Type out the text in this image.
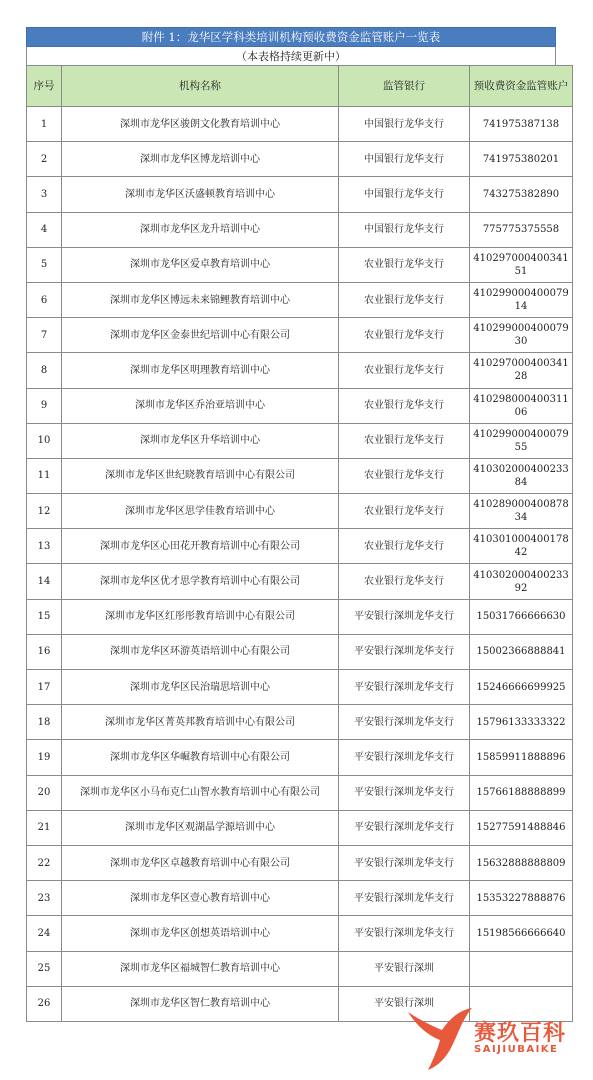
附件 1：龙华区学科类培训机构预收费资金监管账户一览表
（本表格持续更新中）
序号	机构名称	监管银行	预收费资金监管账户
1	深圳市龙华区骏朗文化教育培训中心	中国银行龙华支行	741975387138
2	深圳市龙华区博龙培训中心	中国银行龙华支行	741975380201
3	深圳市龙华区沃盛顿教育培训中心	中国银行龙华支行	743275382890
4	深圳市龙华区龙升培训中心	中国银行龙华支行	775775375558
5	深圳市龙华区爱卓教育培训中心	农业银行龙华支行	41029700040034151
6	深圳市龙华区博远未来锦鲤教育培训中心	农业银行龙华支行	41029900040007914
7	深圳市龙华区金泰世纪培训中心有限公司	农业银行龙华支行	41029900040007930
8	深圳市龙华区明理教育培训中心	农业银行龙华支行	41029700040034128
9	深圳市龙华区乔治亚培训中心	农业银行龙华支行	41029800040031106
10	深圳市龙华区升华培训中心	农业银行龙华支行	41029900040007955
11	深圳市龙华区世纪晓教育培训中心有限公司	农业银行龙华支行	41030200040023384
12	深圳市龙华区思学佳教育培训中心	农业银行龙华支行	41028900040087834
13	深圳市龙华区心田花开教育培训中心有限公司	农业银行龙华支行	41030100040017842
14	深圳市龙华区优才思学教育培训中心有限公司	农业银行龙华支行	41030200040023392
15	深圳市龙华区红彤彤教育培训中心有限公司	平安银行深圳龙华支行	15031766666630
16	深圳市龙华区环游英语培训中心有限公司	平安银行深圳龙华支行	15002366888841
17	深圳市龙华区民治瑞思培训中心	平安银行深圳龙华支行	15246666699925
18	深圳市龙华区菁英邦教育培训中心有限公司	平安银行深圳龙华支行	15796133333322
19	深圳市龙华区华崛教育培训中心有限公司	平安银行深圳龙华支行	15859911888896
20	深圳市龙华区小马布克仁山智水教育培训中心有限公司	平安银行深圳龙华支行	15766188888899
21	深圳市龙华区观湖晶学源培训中心	平安银行深圳龙华支行	15277591488846
22	深圳市龙华区卓越教育培训中心有限公司	平安银行深圳龙华支行	15632888888809
23	深圳市龙华区壹心教育培训中心	平安银行深圳龙华支行	15353227888876
24	深圳市龙华区创想英语培训中心	平安银行深圳龙华支行	15198566666640
25	深圳市龙华区福城智仁教育培训中心	平安银行深圳	
26	深圳市龙华区智仁教育培训中心	平安银行深圳	
赛玖百科
SAIJIUBAIKE
